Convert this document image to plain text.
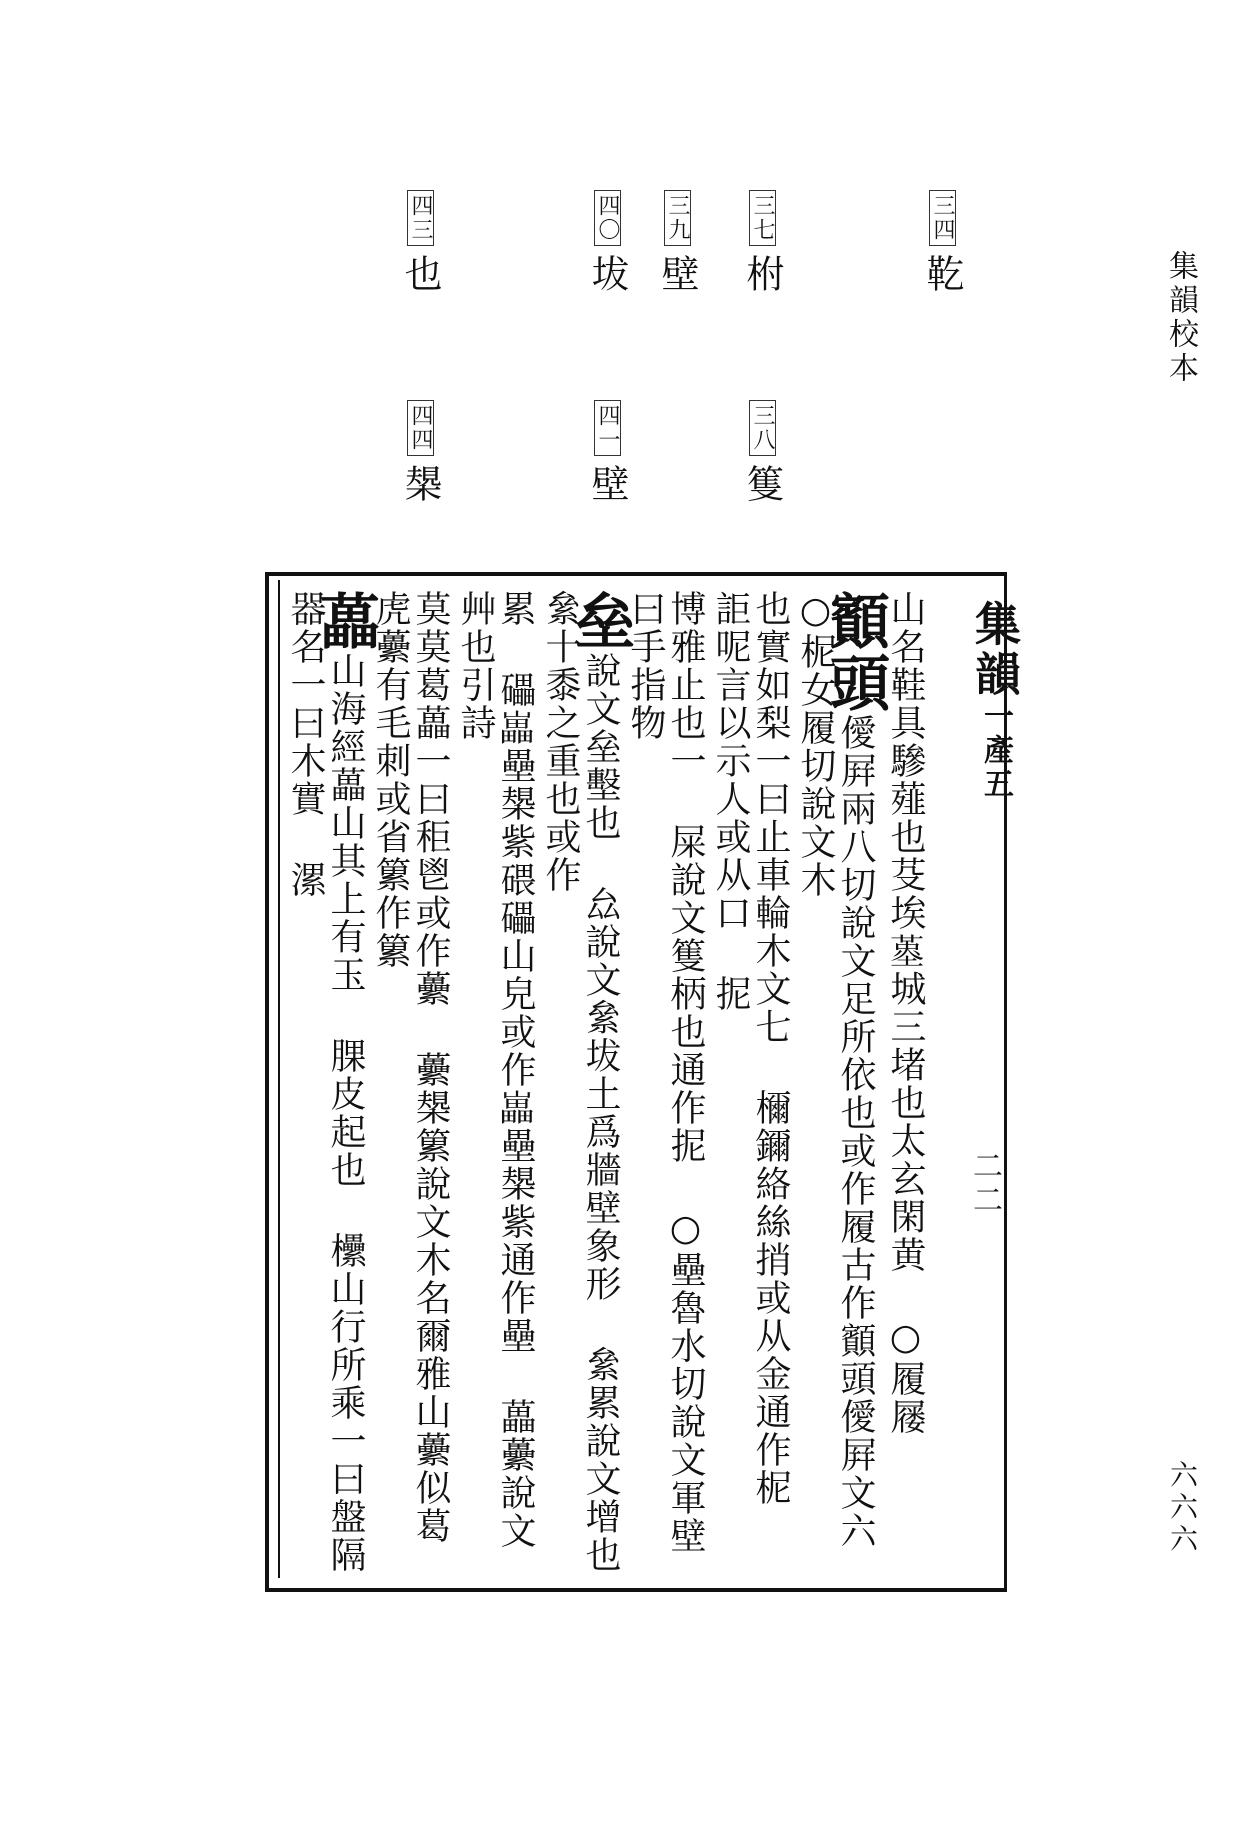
集韻校本
六六六
三四䩐
三七柎
三九壁
四〇坺
四三也
三八篗
四一壁
四四槼
集韻一產五
二二
山名鞋具驂薤也芟埃𡏳城三堵也太玄閑黄 ○履屦
顮頭僾屛兩八切說文足所依也或作履古作顮頭僾屛文六 ○柅女履切說文木
也實如梨一曰止車輪木文七 檷鑈絡絲捎或从金通作柅 詎呢言以示人或从口 抳
博雅止也一 屎說文篗柄也通作抳 ○壘魯水切說文軍壁曰手指物
垒說文垒墼也 厽說文絫坺土爲牆壁象形 絫累說文增也絫十黍之重也或作
累 礧𡾋壘槼紫碨礧山皃或作𡾋壘槼紫通作壘 藟虆說文艸也引詩
莫莫葛藟一曰秬鬯或作虆 虆槼䉂說文木名爾雅山虆似葛虎虆有毛刺或省䉂作䉂
藟山海經藟山其上有玉 腂皮起也 欙山行所乘一曰盤隔器名一曰木實 漯
